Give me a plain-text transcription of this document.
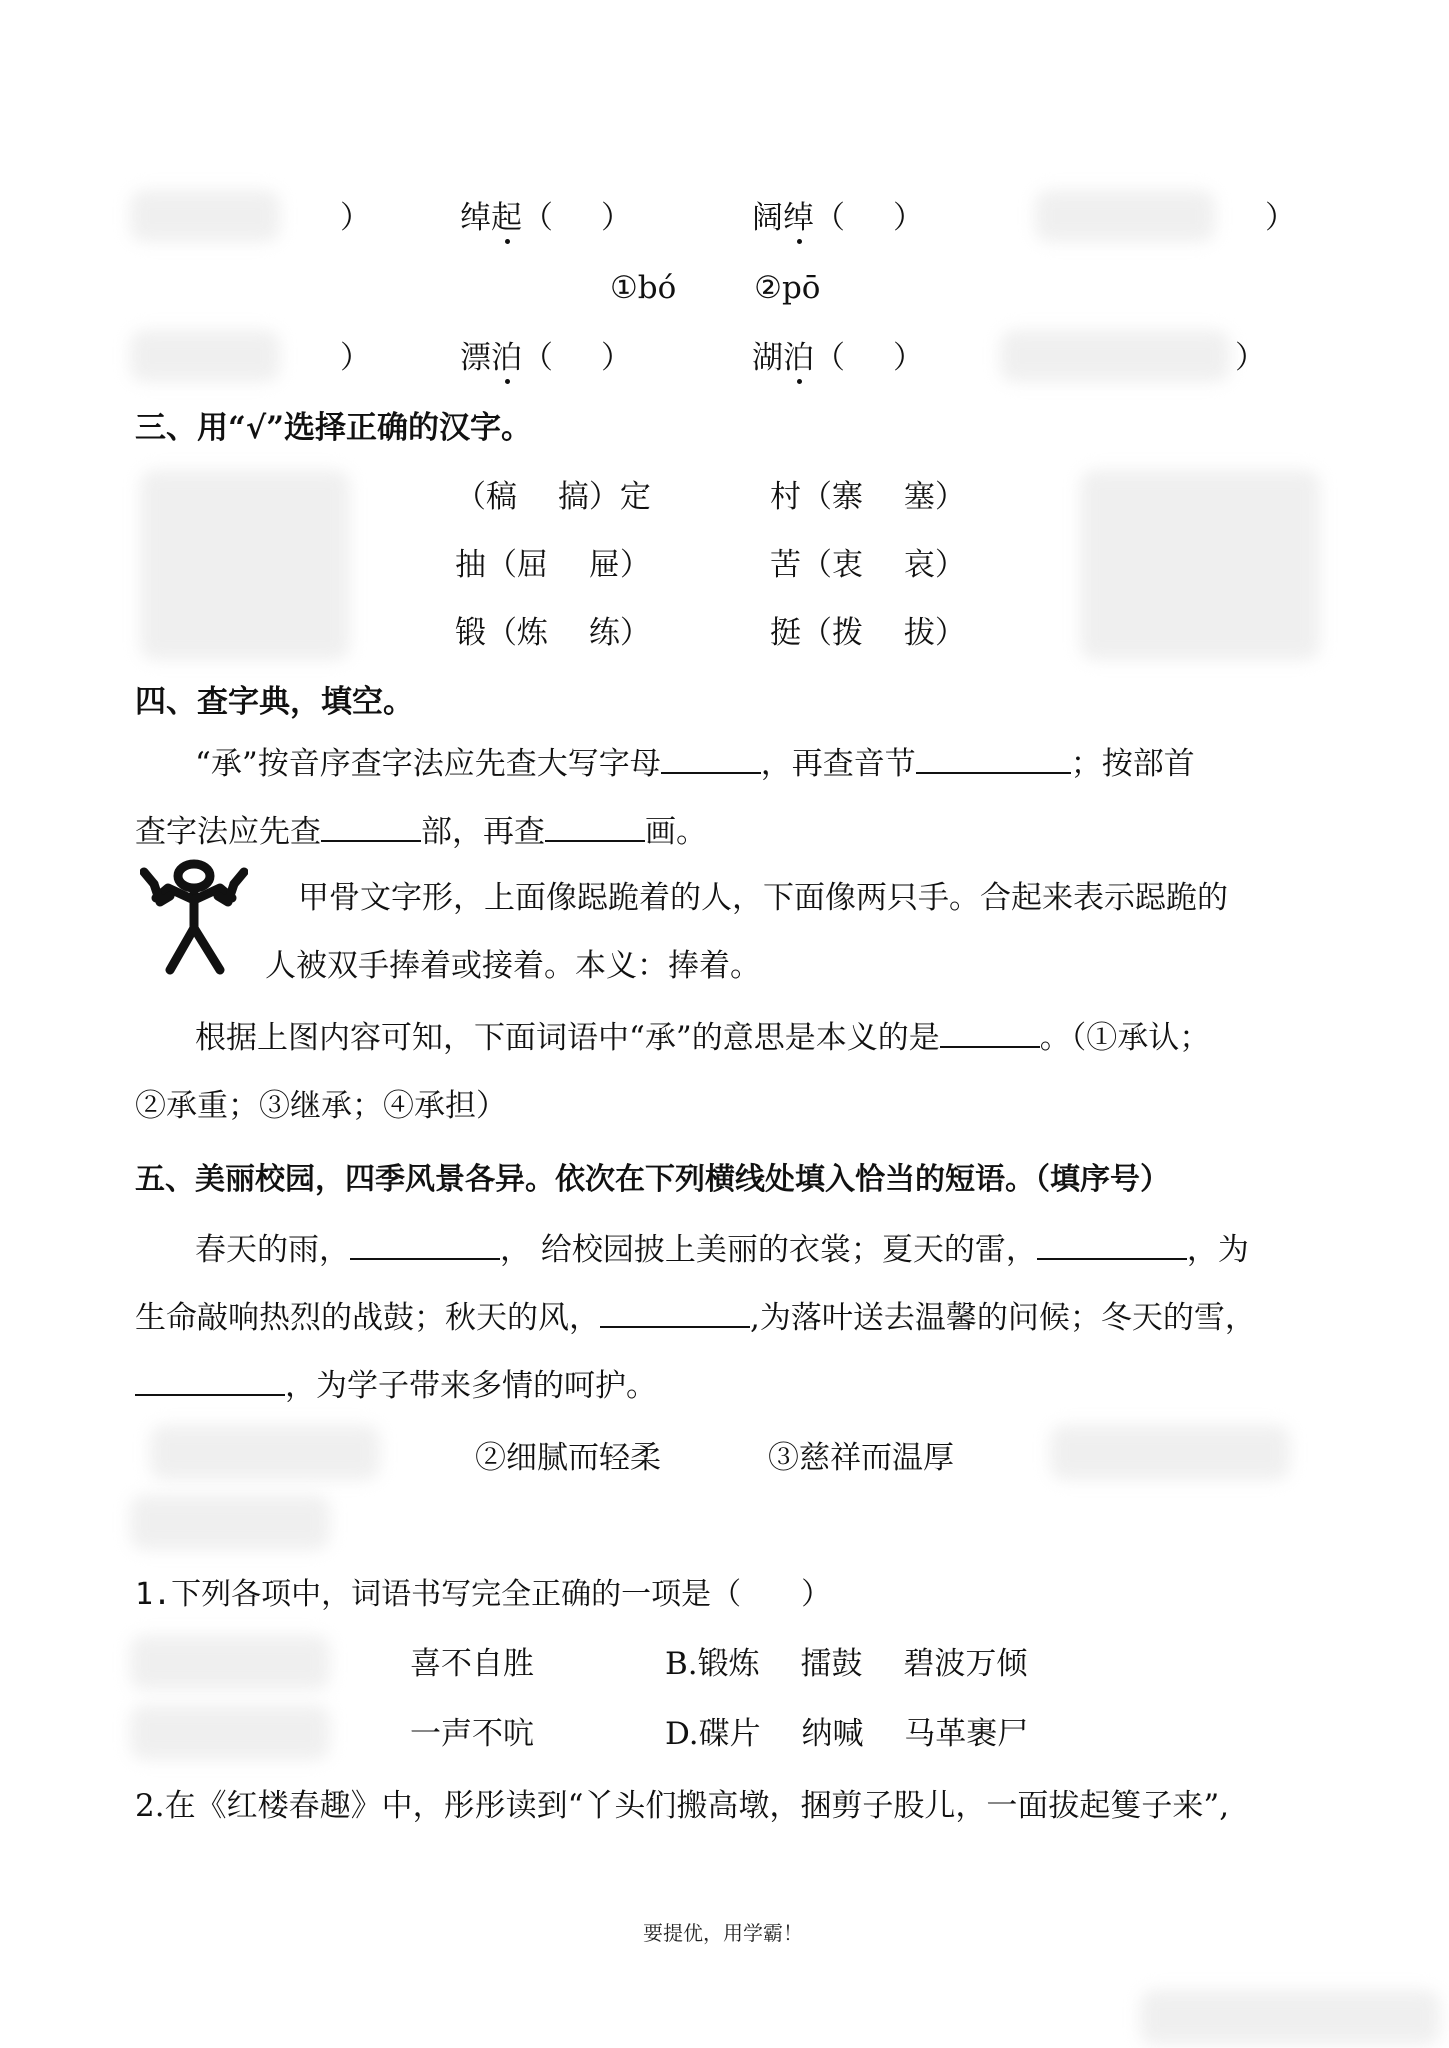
）	绰起（ ）	阔绰（ ）	）
①bó	②pō
）	漂泊（ ）	湖泊（ ）	）
三、用“√”选择正确的汉字。
（稿　 搞）定	村（寨　 塞）
抽（屈　 屉）	苦（衷　 哀）
锻（炼　 练）	挺（拨　 拔）
四、查字典，填空。
“承”按音序查字法应先查大写字母	，再查音节	；按部首
查字法应先查	部，再查	画。
甲骨文字形，上面像跽跪着的人，下面像两只手。合起来表示跽跪的
人被双手捧着或接着。本义：捧着。
根据上图内容可知，下面词语中“承”的意思是本义的是	。（①承认；
②承重；③继承；④承担）
五、美丽校园，四季风景各异。依次在下列横线处填入恰当的短语。（填序号）
春天的雨，	， 给校园披上美丽的衣裳；夏天的雷，	，为
生命敲响热烈的战鼓；秋天的风，	,为落叶送去温馨的问候；冬天的雪，
，为学子带来多情的呵护。
②细腻而轻柔	③慈祥而温厚
1.下列各项中，词语书写完全正确的一项是（　　）
喜不自胜	B.锻炼　 擂鼓　 碧波万倾
一声不吭	D.碟片　 纳喊　 马革裹尸
2.在《红楼春趣》中，彤彤读到“丫头们搬高墩，捆剪子股儿，一面拔起篗子来”,
要提优，用学霸！
